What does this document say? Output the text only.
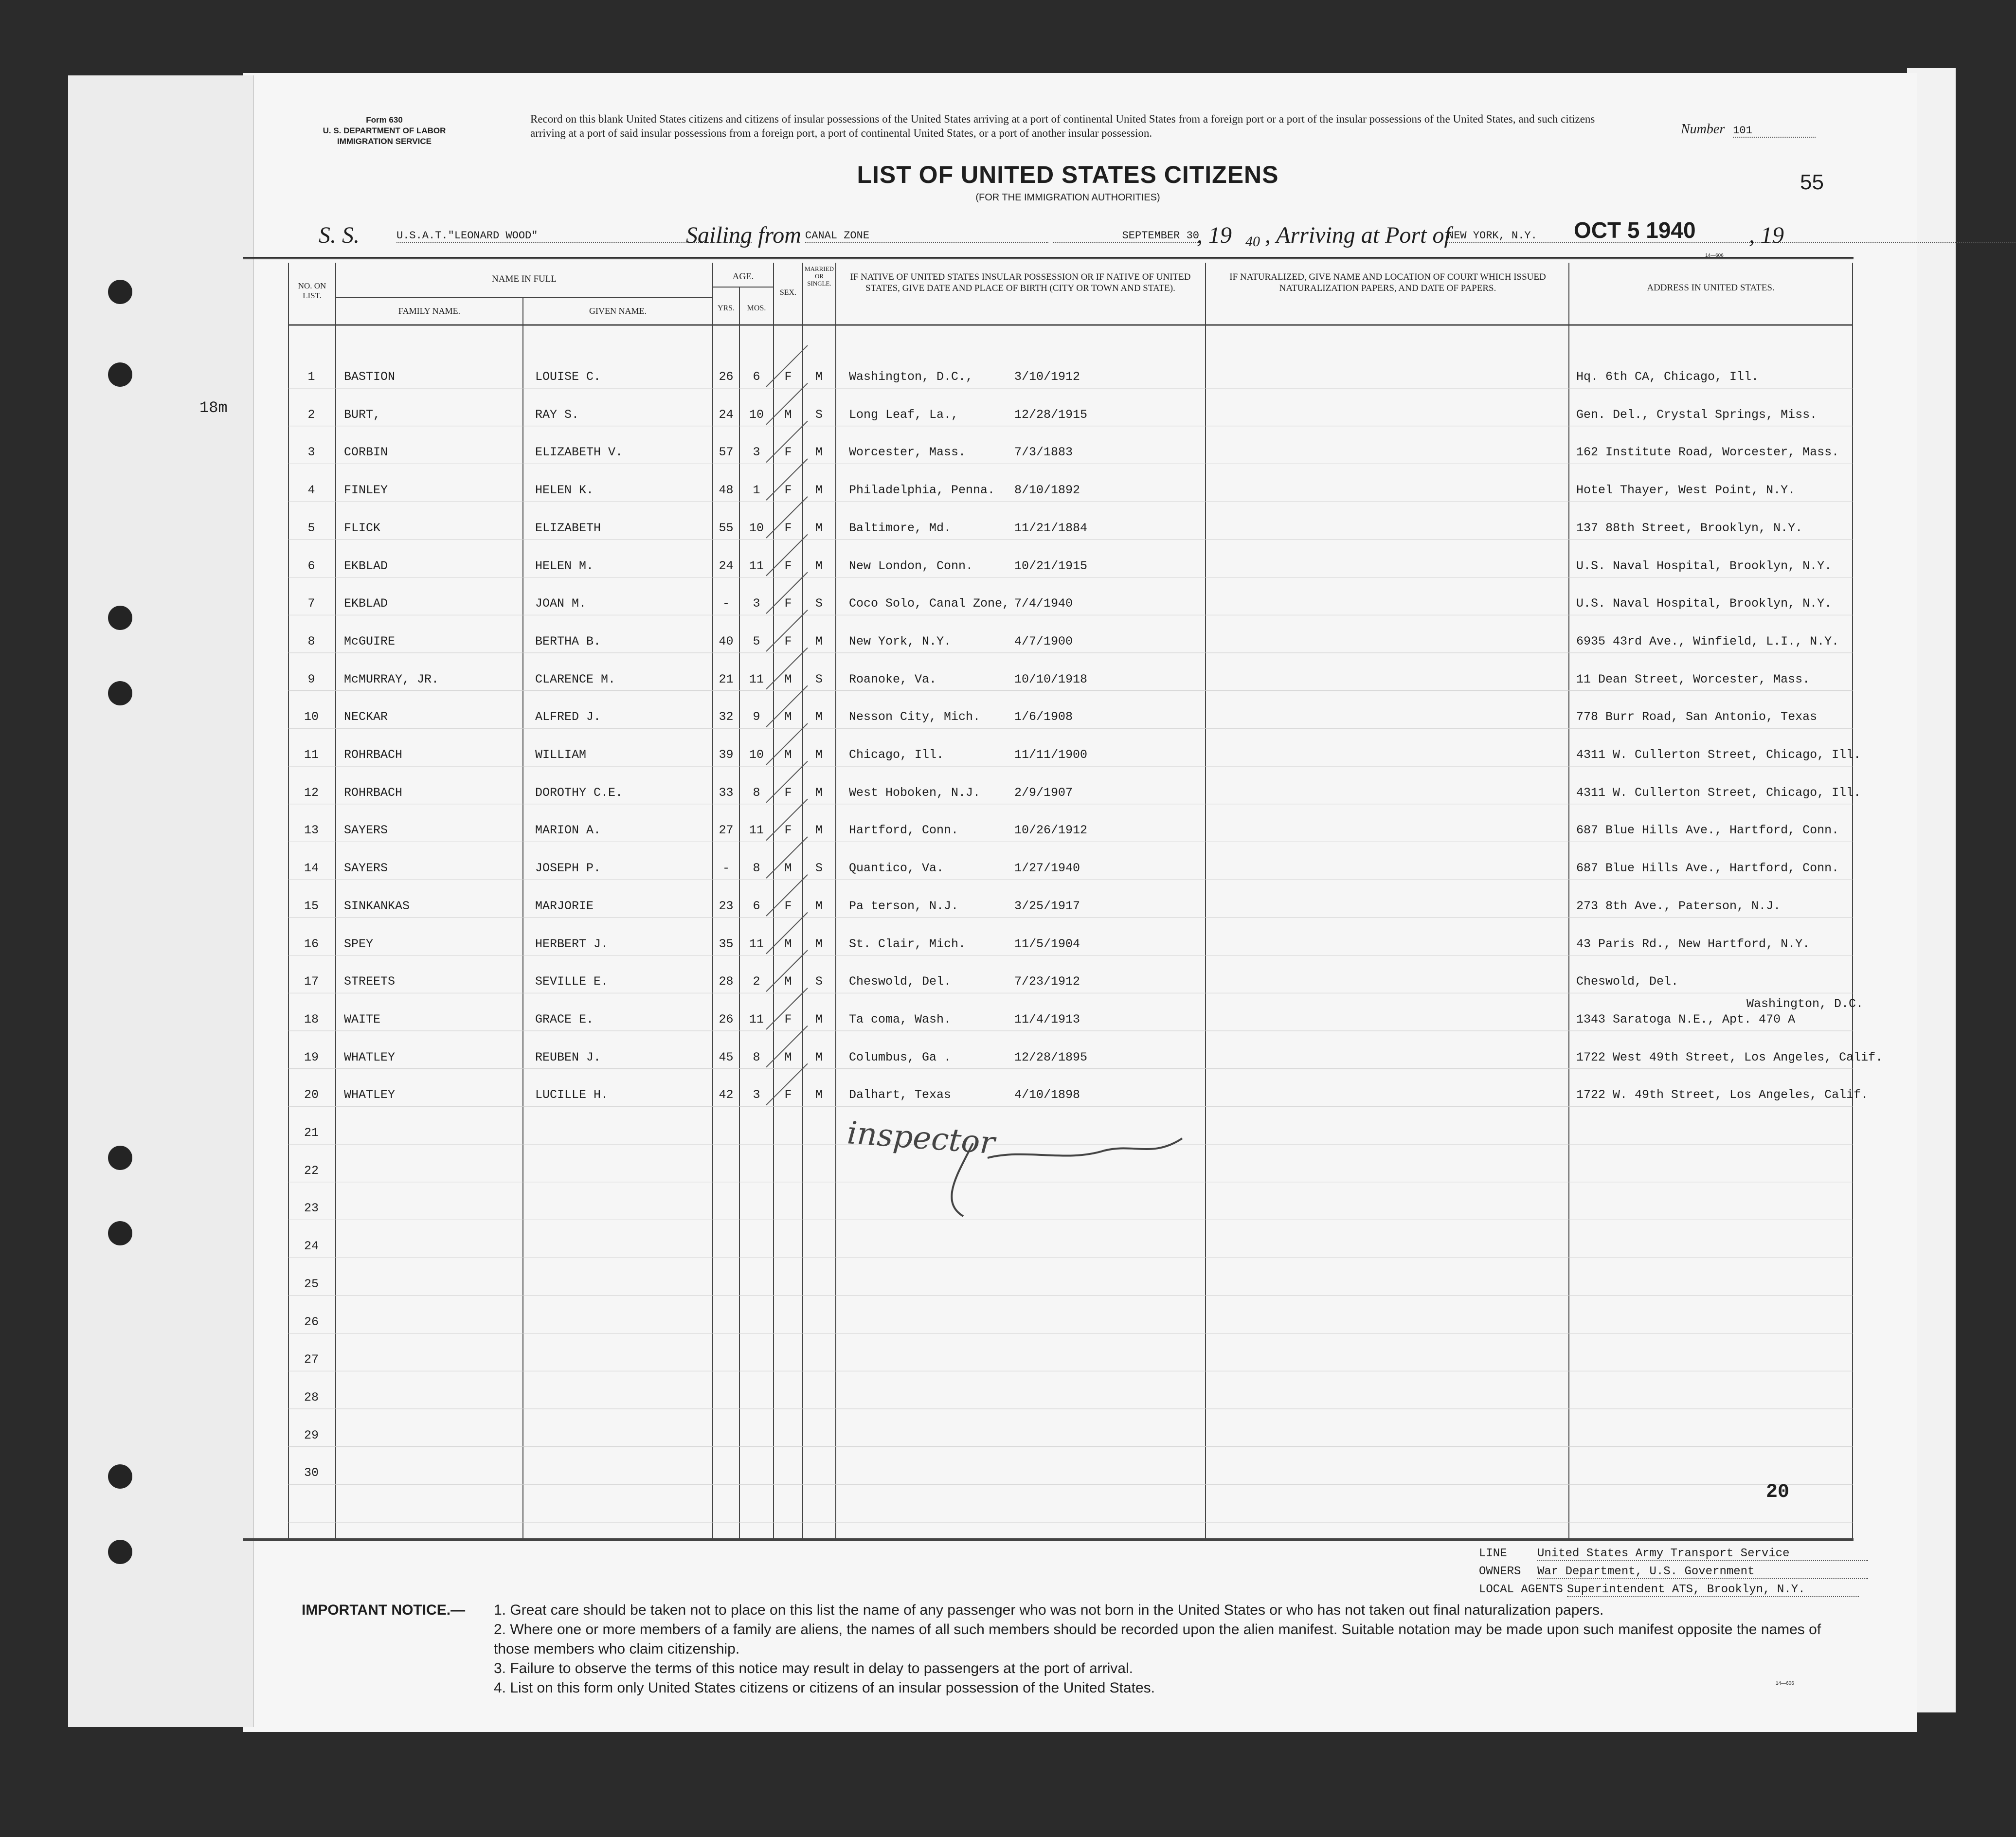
18m
Form 630
U. S. DEPARTMENT OF LABOR
IMMIGRATION SERVICE
Record on this blank United States citizens and citizens of insular possessions of the United States arriving at a port of continental United States from a foreign port or a port of the insular possessions of the United States, and such citizens arriving at a port of said insular possessions from a foreign port, a port of continental United States, or a port of another insular possession.	Number 101
LIST OF UNITED STATES CITIZENS
(FOR THE IMMIGRATION AUTHORITIES)
55
S. S.	U.S.A.T."LEONARD WOOD"	Sailing from CANAL ZONE	SEPTEMBER 30
, 19 40 , Arriving at Port of
NEW YORK, N.Y.	OCT 5 1940 , 19
14—606
NO. ON LIST.
NAME IN FULL
FAMILY NAME.	GIVEN NAME.
AGE.
YRS.	MOS.
SEX.
MARRIED OR SINGLE.
IF NATIVE OF UNITED STATES INSULAR POSSESSION OR IF NATIVE OF UNITED STATES, GIVE DATE AND PLACE OF BIRTH (CITY OR TOWN AND STATE).
IF NATURALIZED, GIVE NAME AND LOCATION OF COURT WHICH ISSUED NATURALIZATION PAPERS, AND DATE OF PAPERS.	ADDRESS IN UNITED STATES.
1	BASTION	LOUISE C.	26	6	F	M	Washington, D.C.,	3/10/1912	Hq. 6th CA, Chicago, Ill.
2	BURT,	RAY S.	24	10	M	S	Long Leaf, La.,	12/28/1915	Gen. Del., Crystal Springs, Miss.
3	CORBIN	ELIZABETH V.	57	3	F	M	Worcester, Mass.	7/3/1883	162 Institute Road, Worcester, Mass.
4	FINLEY	HELEN K.	48	1	F	M	Philadelphia, Penna. 8/10/1892	Hotel Thayer, West Point, N.Y.
5	FLICK	ELIZABETH	55	10	F	M	Baltimore, Md.	11/21/1884	137 88th Street, Brooklyn, N.Y.
6	EKBLAD	HELEN M.	24	11	F	M	New London, Conn.	10/21/1915	U.S. Naval Hospital, Brooklyn, N.Y.
7	EKBLAD	JOAN M.	-	3	F	S	Coco Solo, Canal Zone, 7/4/1940	U.S. Naval Hospital, Brooklyn, N.Y.
8	McGUIRE	BERTHA B.	40	5	F	M	New York, N.Y.	4/7/1900	6935 43rd Ave., Winfield, L.I., N.Y.
9	McMURRAY, JR.	CLARENCE M.	21	11	M	S	Roanoke, Va.	10/10/1918	11 Dean Street, Worcester, Mass.
10	NECKAR	ALFRED J.	32	9	M	M	Nesson City, Mich.	1/6/1908	778 Burr Road, San Antonio, Texas
11	ROHRBACH	WILLIAM	39	10	M	M	Chicago, Ill.	11/11/1900	4311 W. Cullerton Street, Chicago, Ill.
12	ROHRBACH	DOROTHY C.E.	33	8	F	M	West Hoboken, N.J.	2/9/1907	4311 W. Cullerton Street, Chicago, Ill.
13	SAYERS	MARION A.	27	11	F	M	Hartford, Conn.	10/26/1912	687 Blue Hills Ave., Hartford, Conn.
14	SAYERS	JOSEPH P.	-	8	M	S	Quantico, Va.	1/27/1940	687 Blue Hills Ave., Hartford, Conn.
15	SINKANKAS	MARJORIE	23	6	F	M	Pa terson, N.J.	3/25/1917	273 8th Ave., Paterson, N.J.
16	SPEY	HERBERT J.	35	11	M	M	St. Clair, Mich.	11/5/1904	43 Paris Rd., New Hartford, N.Y.
17	STREETS	SEVILLE E.	28	2	M	S	Cheswold, Del.	7/23/1912	Cheswold, Del.
18	WAITE	GRACE E.	26	11	F	M	Ta coma, Wash.	11/4/1913	1343 Saratoga N.E., Apt. 470 A
Washington, D.C.
19	WHATLEY	REUBEN J.	45	8	M	M	Columbus, Ga .	12/28/1895	1722 West 49th Street, Los Angeles, Calif.
20	WHATLEY	LUCILLE H.	42	3	F	M	Dalhart, Texas	4/10/1898	1722 W. 49th Street, Los Angeles, Calif.
21
22
23
24
25
26
27
28
29
30
20
inspector
LINE	United States Army Transport Service
OWNERS War Department, U.S. Government
LOCAL AGENTS Superintendent ATS, Brooklyn, N.Y.
IMPORTANT NOTICE.— 1. Great care should be taken not to place on this list the name of any passenger who was not born in the United States or who has not taken out final naturalization papers.
2. Where one or more members of a family are aliens, the names of all such members should be recorded upon the alien manifest. Suitable notation may be made upon such manifest opposite the names of those members who claim citizenship.
3. Failure to observe the terms of this notice may result in delay to passengers at the port of arrival.
4. List on this form only United States citizens or citizens of an insular possession of the United States.	14—606
